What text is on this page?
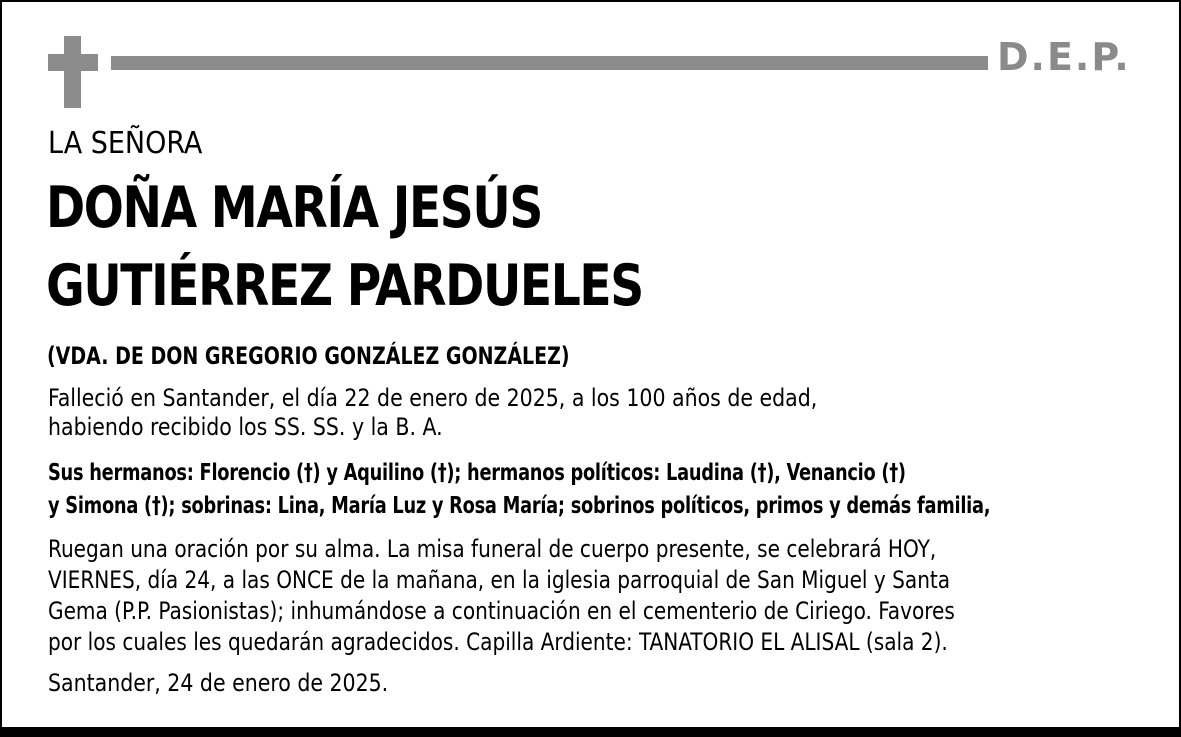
D.E.P.
LA SEÑORA
DOÑA MARÍA JESÚS
GUTIÉRREZ PARDUELES
(VDA. DE DON GREGORIO GONZÁLEZ GONZÁLEZ)
Falleció en Santander, el día 22 de enero de 2025, a los 100 años de edad,
habiendo recibido los SS. SS. y la B. A.
Sus hermanos: Florencio (†) y Aquilino (†); hermanos políticos: Laudina (†), Venancio (†)
y Simona (†); sobrinas: Lina, María Luz y Rosa María; sobrinos políticos, primos y demás familia,
Ruegan una oración por su alma. La misa funeral de cuerpo presente, se celebrará HOY,
VIERNES, día 24, a las ONCE de la mañana, en la iglesia parroquial de San Miguel y Santa
Gema (P.P. Pasionistas); inhumándose a continuación en el cementerio de Ciriego. Favores
por los cuales les quedarán agradecidos. Capilla Ardiente: TANATORIO EL ALISAL (sala 2).
Santander, 24 de enero de 2025.
